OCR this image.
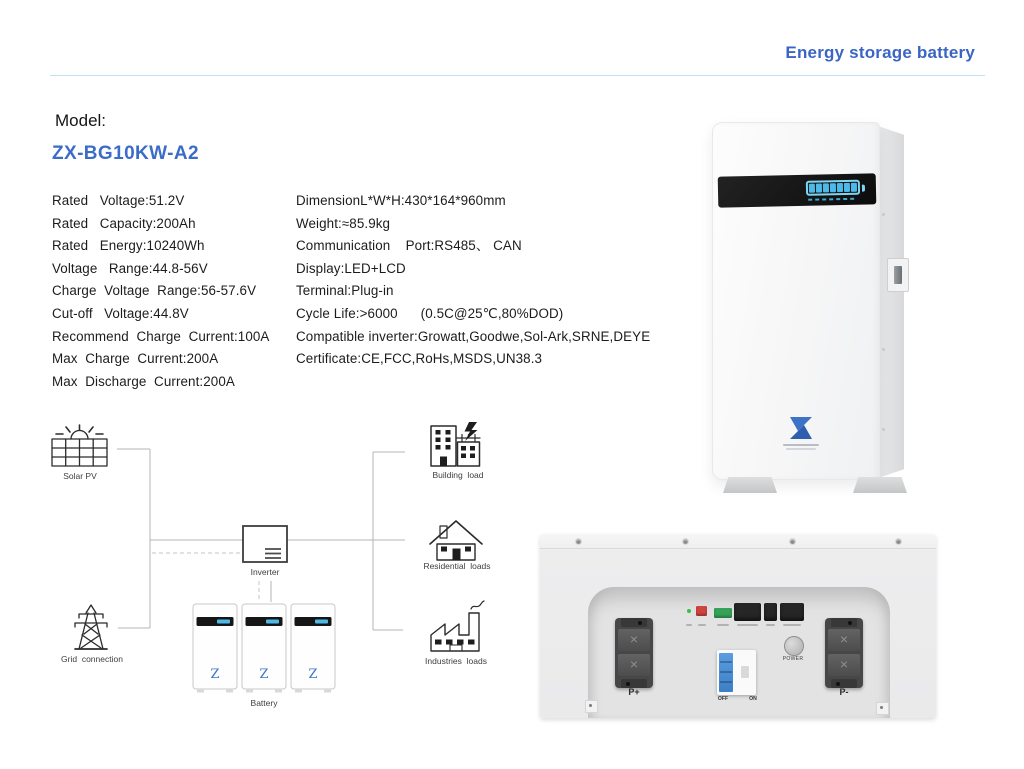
Energy storage battery
Model:
ZX-BG10KW-A2
Rated   Voltage:51.2V
Rated   Capacity:200Ah
Rated   Energy:10240Wh
Voltage   Range:44.8-56V
Charge  Voltage  Range:56-57.6V
Cut-off   Voltage:44.8V
Recommend  Charge  Current:100A
Max  Charge  Current:200A
Max  Discharge  Current:200A
DimensionL*W*H:430*164*960mm
Weight:≈85.9kg
Communication    Port:RS485、 CAN
Display:LED+LCD
Terminal:Plug-in
Cycle Life:>6000      (0.5C@25℃,80%DOD)
Compatible inverter:Growatt,Goodwe,Sol-Ark,SRNE,DEYE
Certificate:CE,FCC,RoHs,MSDS,UN38.3
Solar PV
Grid  connection
Inverter
Z	Z	Z
Battery
Building  load
Residential  loads
Industries  loads
×
×
P+
×
×
P-
POWER
OFF	ON
